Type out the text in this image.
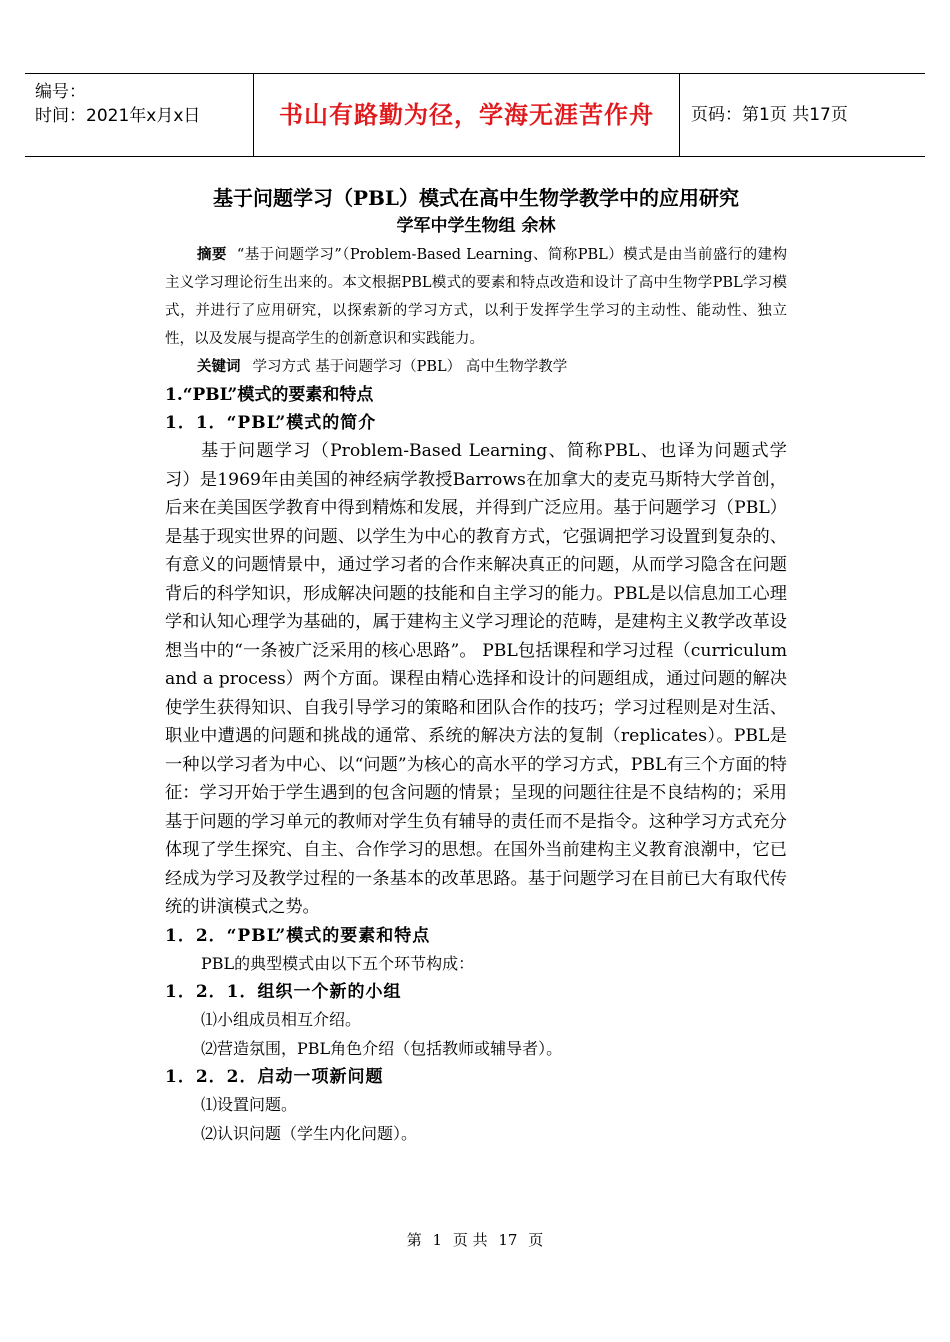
编号：
时间：2021年x月x日	书山有路勤为径，学海无涯苦作舟	页码：第1页 共17页
基于问题学习（PBL）模式在高中生物学教学中的应用研究
学军中学生物组 余林
摘要 “基于问题学习”（Problem-Based Learning、简称PBL）模式是由当前盛行的建构主义学习理论衍生出来的。本文根据PBL模式的要素和特点改造和设计了高中生物学PBL学习模式，并进行了应用研究，以探索新的学习方式，以利于发挥学生学习的主动性、能动性、独立性，以及发展与提高学生的创新意识和实践能力。
关键词 学习方式 基于问题学习（PBL） 高中生物学教学
1.“PBL”模式的要素和特点
1．1．“PBL”模式的简介
基于问题学习（Problem-Based Learning、简称PBL、也译为问题式学习）是1969年由美国的神经病学教授Barrows在加拿大的麦克马斯特大学首创，后来在美国医学教育中得到精炼和发展，并得到广泛应用。基于问题学习（PBL）是基于现实世界的问题、以学生为中心的教育方式，它强调把学习设置到复杂的、有意义的问题情景中，通过学习者的合作来解决真正的问题，从而学习隐含在问题背后的科学知识，形成解决问题的技能和自主学习的能力。PBL是以信息加工心理学和认知心理学为基础的，属于建构主义学习理论的范畴，是建构主义教学改革设想当中的“一条被广泛采用的核心思路”。 PBL包括课程和学习过程（curriculum and a process）两个方面。课程由精心选择和设计的问题组成，通过问题的解决使学生获得知识、自我引导学习的策略和团队合作的技巧；学习过程则是对生活、职业中遭遇的问题和挑战的通常、系统的解决方法的复制（replicates）。PBL是一种以学习者为中心、以“问题”为核心的高水平的学习方式，PBL有三个方面的特征：学习开始于学生遇到的包含问题的情景；呈现的问题往往是不良结构的；采用基于问题的学习单元的教师对学生负有辅导的责任而不是指令。这种学习方式充分体现了学生探究、自主、合作学习的思想。在国外当前建构主义教育浪潮中，它已经成为学习及教学过程的一条基本的改革思路。基于问题学习在目前已大有取代传统的讲演模式之势。
1．2．“PBL”模式的要素和特点
PBL的典型模式由以下五个环节构成：
1．2．1．组织一个新的小组
⑴小组成员相互介绍。
⑵营造氛围，PBL角色介绍（包括教师或辅导者）。
1．2．2．启动一项新问题
⑴设置问题。
⑵认识问题（学生内化问题）。
第 1 页 共 17 页
